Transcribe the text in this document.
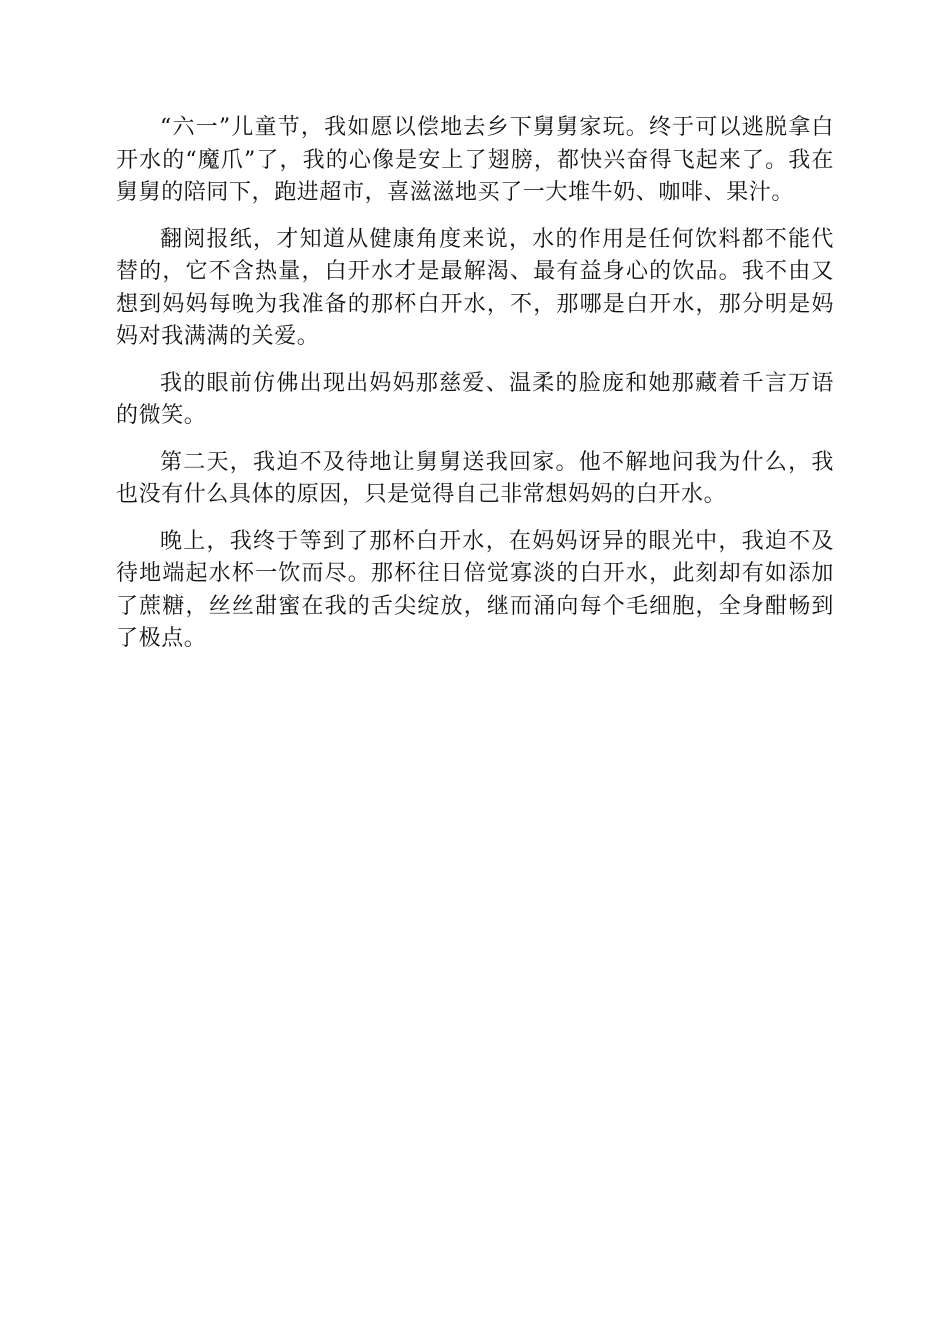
“六一”儿童节，我如愿以偿地去乡下舅舅家玩。终于可以逃脱拿白开水的“魔爪”了，我的心像是安上了翅膀，都快兴奋得飞起来了。我在舅舅的陪同下，跑进超市，喜滋滋地买了一大堆牛奶、咖啡、果汁。

翻阅报纸，才知道从健康角度来说，水的作用是任何饮料都不能代替的，它不含热量，白开水才是最解渴、最有益身心的饮品。我不由又想到妈妈每晚为我准备的那杯白开水，不，那哪是白开水，那分明是妈妈对我满满的关爱。

我的眼前仿佛出现出妈妈那慈爱、温柔的脸庞和她那藏着千言万语的微笑。

第二天，我迫不及待地让舅舅送我回家。他不解地问我为什么，我也没有什么具体的原因，只是觉得自己非常想妈妈的白开水。

晚上，我终于等到了那杯白开水，在妈妈讶异的眼光中，我迫不及待地端起水杯一饮而尽。那杯往日倍觉寡淡的白开水，此刻却有如添加了蔗糖，丝丝甜蜜在我的舌尖绽放，继而涌向每个毛细胞，全身酣畅到了极点。
